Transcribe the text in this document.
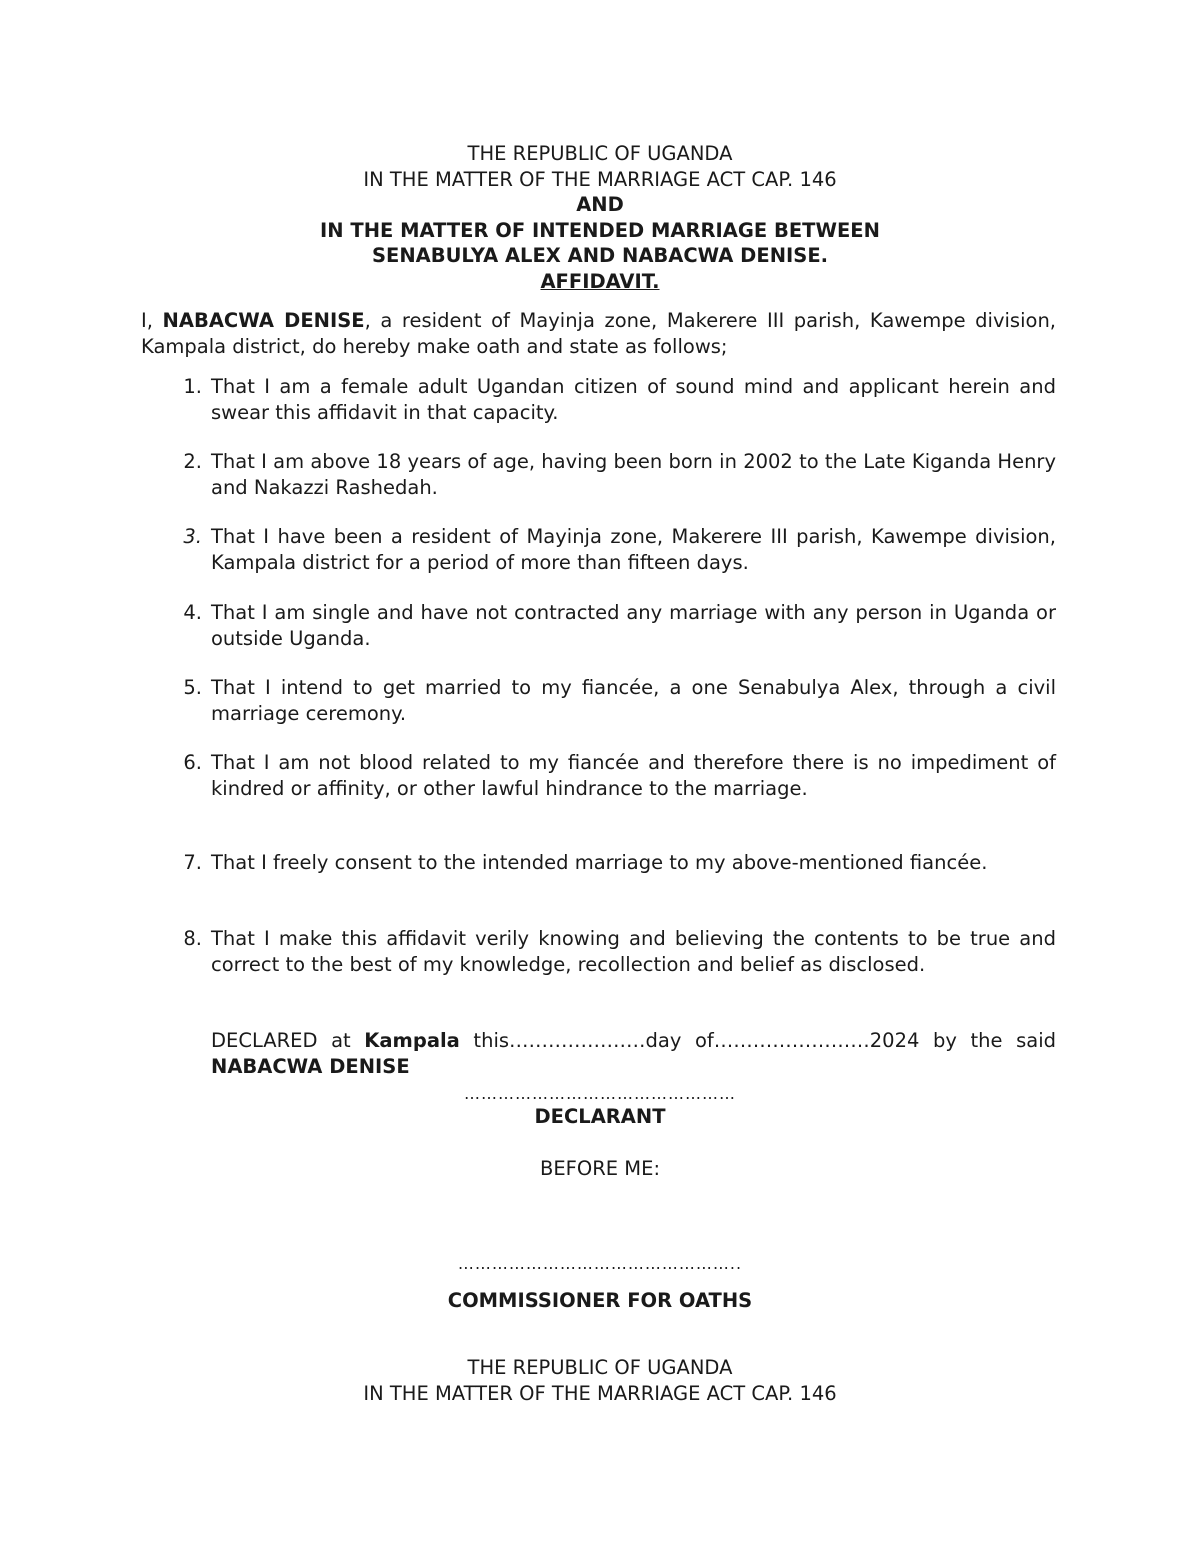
THE REPUBLIC OF UGANDA
IN THE MATTER OF THE MARRIAGE ACT CAP. 146
AND
IN THE MATTER OF INTENDED MARRIAGE BETWEEN
SENABULYA ALEX AND NABACWA DENISE.
AFFIDAVIT.
I, NABACWA DENISE, a resident of Mayinja zone, Makerere III parish, Kawempe division, Kampala district, do hereby make oath and state as follows;
1. That I am a female adult Ugandan citizen of sound mind and applicant herein and swear this affidavit in that capacity.
2. That I am above 18 years of age, having been born in 2002 to the Late Kiganda Henry and Nakazzi Rashedah.
3. That I have been a resident of Mayinja zone, Makerere III parish, Kawempe division, Kampala district for a period of more than fifteen days.
4. That I am single and have not contracted any marriage with any person in Uganda or outside Uganda.
5. That I intend to get married to my fiancée, a one Senabulya Alex, through a civil marriage ceremony.
6. That I am not blood related to my fiancée and therefore there is no impediment of kindred or affinity, or other lawful hindrance to the marriage.
7. That I freely consent to the intended marriage to my above-mentioned fiancée.
8. That I make this affidavit verily knowing and believing the contents to be true and correct to the best of my knowledge, recollection and belief as disclosed.
DECLARED at Kampala this…………………day of……………………2024 by the said NABACWA DENISE
…………………………………………
DECLARANT
BEFORE ME:
…………………………………………..
COMMISSIONER FOR OATHS
THE REPUBLIC OF UGANDA
IN THE MATTER OF THE MARRIAGE ACT CAP. 146
